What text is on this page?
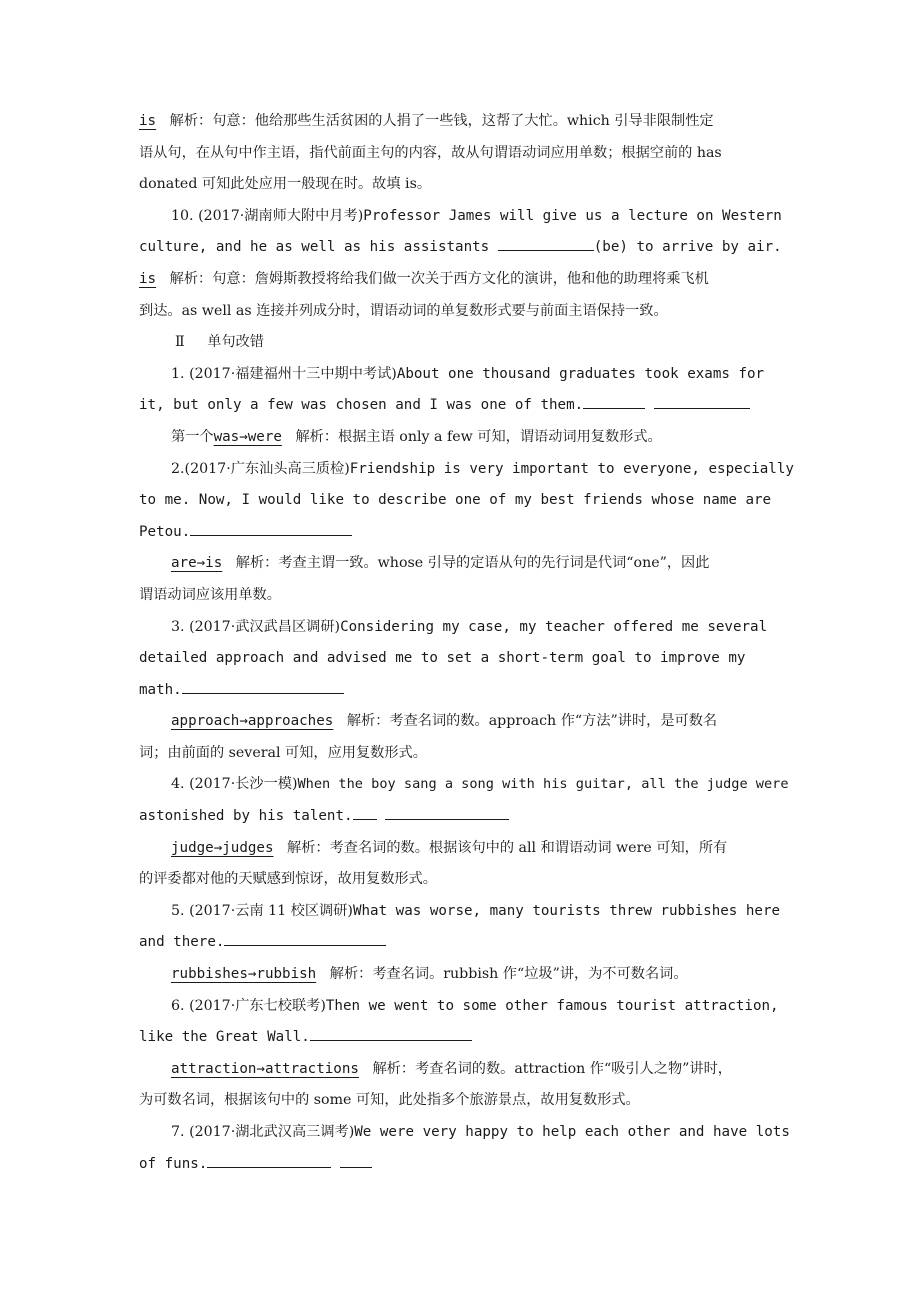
is 解析：句意：他给那些生活贫困的人捐了一些钱，这帮了大忙。which 引导非限制性定
语从句，在从句中作主语，指代前面主句的内容，故从句谓语动词应用单数；根据空前的 has
donated 可知此处应用一般现在时。故填 is。
10. (2017·湖南师大附中月考)Professor James will give us a lecture on Western
culture, and he as well as his assistants	(be) to arrive by air.
is 解析：句意：詹姆斯教授将给我们做一次关于西方文化的演讲，他和他的助理将乘飞机
到达。as well as 连接并列成分时，谓语动词的单复数形式要与前面主语保持一致。
Ⅱ 单句改错
1. (2017·福建福州十三中期中考试)About one thousand graduates took exams for
it, but only a few was chosen and I was one of them.
第一个was→were 解析：根据主语 only a few 可知，谓语动词用复数形式。
2.(2017·广东汕头高三质检)Friendship is very important to everyone, especially
to me. Now, I would like to describe one of my best friends whose name are
Petou.
are→is 解析：考查主谓一致。whose 引导的定语从句的先行词是代词“one”，因此
谓语动词应该用单数。
3. (2017·武汉武昌区调研)Considering my case, my teacher offered me several
detailed approach and advised me to set a short-term goal to improve my
math.
approach→approaches 解析：考查名词的数。approach 作“方法”讲时，是可数名
词；由前面的 several 可知，应用复数形式。
4. (2017·长沙一模)When the boy sang a song with his guitar, all the judge were
astonished by his talent.
judge→judges 解析：考查名词的数。根据该句中的 all 和谓语动词 were 可知，所有
的评委都对他的天赋感到惊讶，故用复数形式。
5. (2017·云南 11 校区调研)What was worse, many tourists threw rubbishes here
and there.
rubbishes→rubbish 解析：考查名词。rubbish 作“垃圾”讲，为不可数名词。
6. (2017·广东七校联考)Then we went to some other famous tourist attraction,
like the Great Wall.
attraction→attractions 解析：考查名词的数。attraction 作“吸引人之物”讲时，
为可数名词，根据该句中的 some 可知，此处指多个旅游景点，故用复数形式。
7. (2017·湖北武汉高三调考)We were very happy to help each other and have lots
of funs.
